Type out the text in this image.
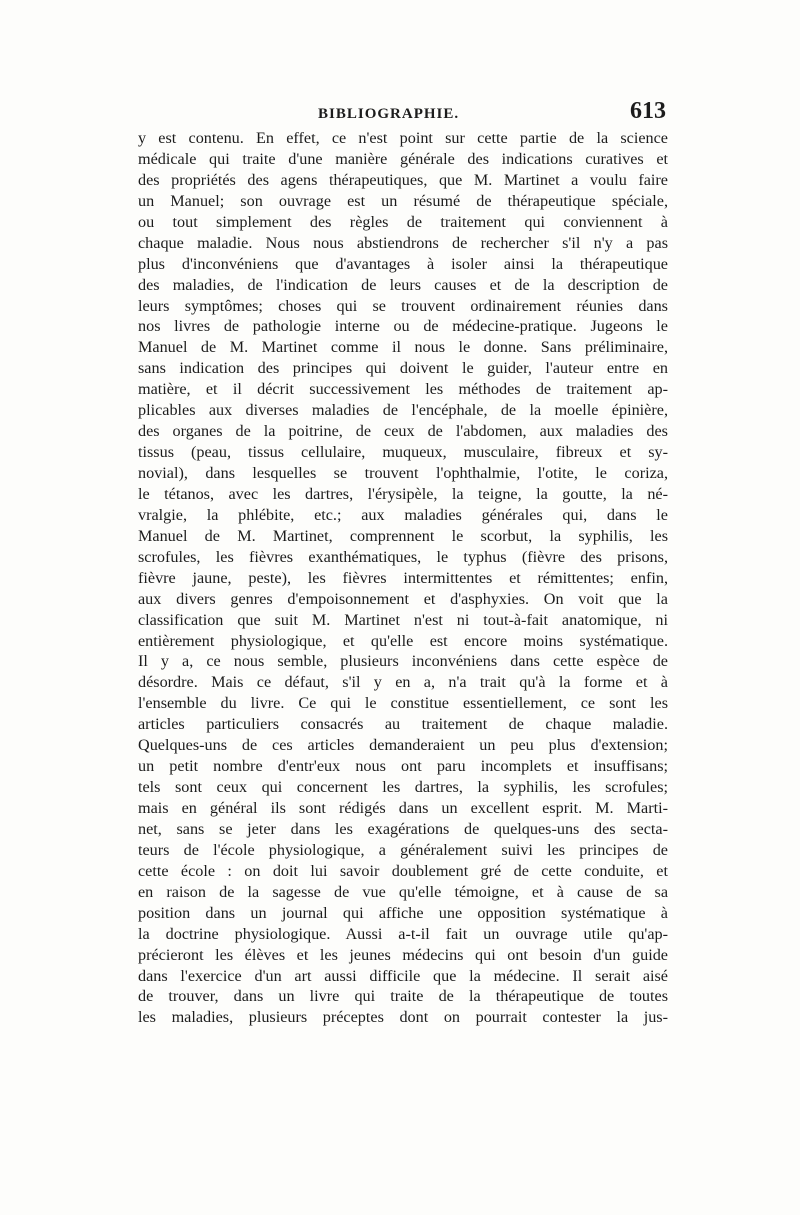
BIBLIOGRAPHIE.	613
y est contenu. En effet, ce n'est point sur cette partie de la science
médicale qui traite d'une manière générale des indications curatives et
des propriétés des agens thérapeutiques, que M. Martinet a voulu faire
un Manuel; son ouvrage est un résumé de thérapeutique spéciale,
ou tout simplement des règles de traitement qui conviennent à
chaque maladie. Nous nous abstiendrons de rechercher s'il n'y a pas
plus d'inconvéniens que d'avantages à isoler ainsi la thérapeutique
des maladies, de l'indication de leurs causes et de la description de
leurs symptômes; choses qui se trouvent ordinairement réunies dans
nos livres de pathologie interne ou de médecine-pratique. Jugeons le
Manuel de M. Martinet comme il nous le donne. Sans préliminaire,
sans indication des principes qui doivent le guider, l'auteur entre en
matière, et il décrit successivement les méthodes de traitement ap-
plicables aux diverses maladies de l'encéphale, de la moelle épinière,
des organes de la poitrine, de ceux de l'abdomen, aux maladies des
tissus (peau, tissus cellulaire, muqueux, musculaire, fibreux et sy-
novial), dans lesquelles se trouvent l'ophthalmie, l'otite, le coriza,
le tétanos, avec les dartres, l'érysipèle, la teigne, la goutte, la né-
vralgie, la phlébite, etc.; aux maladies générales qui, dans le
Manuel de M. Martinet, comprennent le scorbut, la syphilis, les
scrofules, les fièvres exanthématiques, le typhus (fièvre des prisons,
fièvre jaune, peste), les fièvres intermittentes et rémittentes; enfin,
aux divers genres d'empoisonnement et d'asphyxies. On voit que la
classification que suit M. Martinet n'est ni tout-à-fait anatomique, ni
entièrement physiologique, et qu'elle est encore moins systématique.
Il y a, ce nous semble, plusieurs inconvéniens dans cette espèce de
désordre. Mais ce défaut, s'il y en a, n'a trait qu'à la forme et à
l'ensemble du livre. Ce qui le constitue essentiellement, ce sont les
articles particuliers consacrés au traitement de chaque maladie.
Quelques-uns de ces articles demanderaient un peu plus d'extension;
un petit nombre d'entr'eux nous ont paru incomplets et insuffisans;
tels sont ceux qui concernent les dartres, la syphilis, les scrofules;
mais en général ils sont rédigés dans un excellent esprit. M. Marti-
net, sans se jeter dans les exagérations de quelques-uns des secta-
teurs de l'école physiologique, a généralement suivi les principes de
cette école : on doit lui savoir doublement gré de cette conduite, et
en raison de la sagesse de vue qu'elle témoigne, et à cause de sa
position dans un journal qui affiche une opposition systématique à
la doctrine physiologique. Aussi a-t-il fait un ouvrage utile qu'ap-
précieront les élèves et les jeunes médecins qui ont besoin d'un guide
dans l'exercice d'un art aussi difficile que la médecine. Il serait aisé
de trouver, dans un livre qui traite de la thérapeutique de toutes
les maladies, plusieurs préceptes dont on pourrait contester la jus-
